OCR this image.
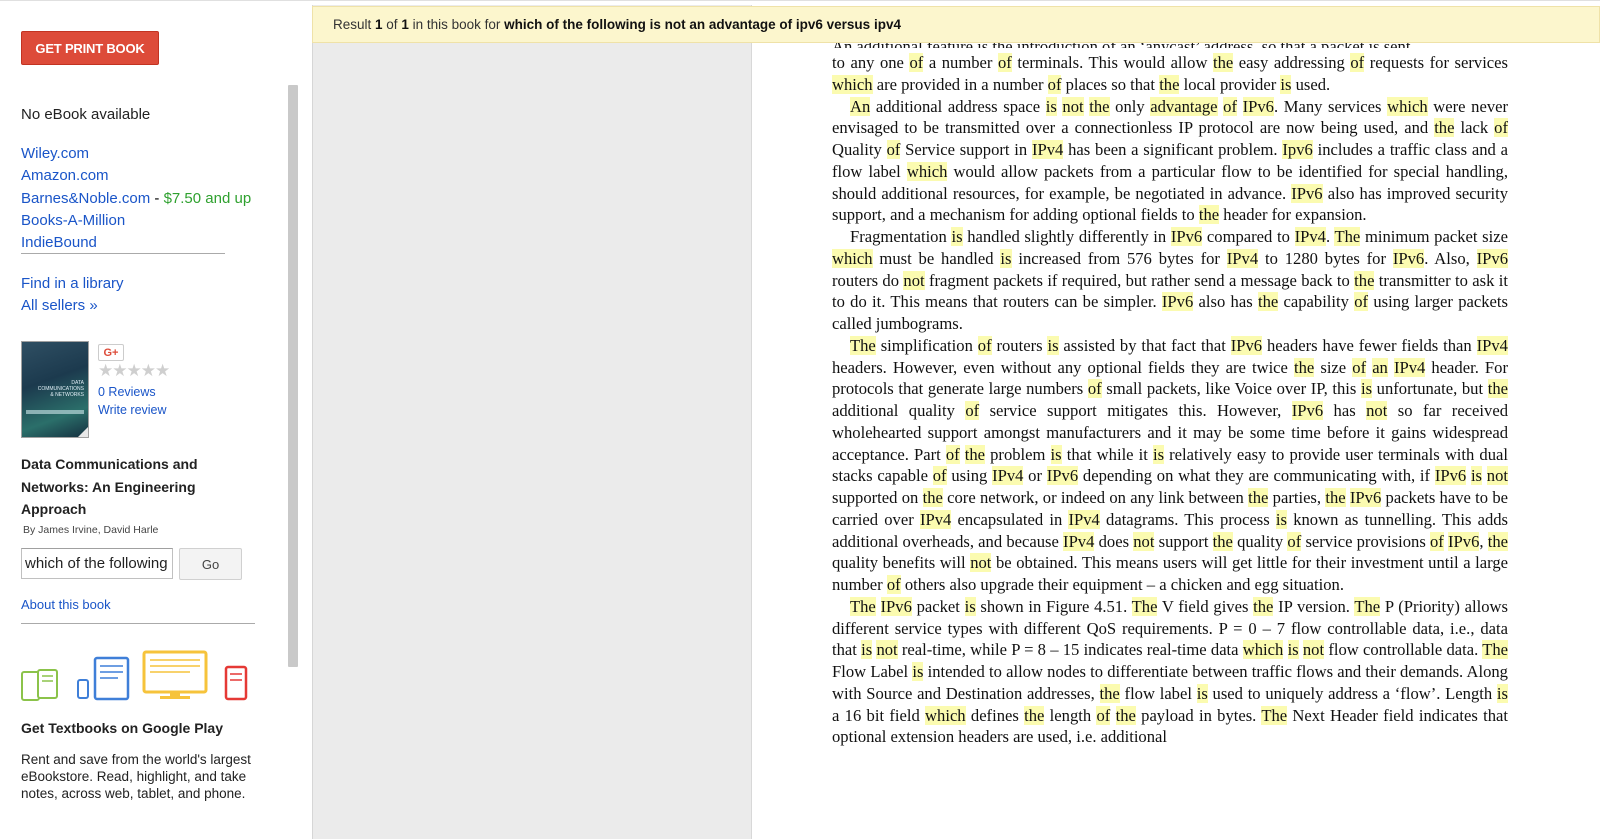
GET PRINT BOOK
No eBook available
Wiley.com
Amazon.com
Barnes&Noble.com - $7.50 and up
Books-A-Million
IndieBound
Find in a library
All sellers »
DATA COMMUNICATIONS & NETWORKS
G+
★★★★★
0 Reviews
Write review
Data Communications and Networks: An Engineering Approach
By James Irvine, David Harle
which of the following is not an advantage of ipv6 versus ipv4
Go
About this book
Get Textbooks on Google Play
Rent and save from the world's largest eBookstore. Read, highlight, and take notes, across web, tablet, and phone.

to any one of a number of terminals. This would allow the easy addressing of requests for services which are provided in a number of places so that the local provider is used.

An additional address space is not the only advantage of IPv6. Many services which were never envisaged to be transmitted over a connectionless IP protocol are now being used, and the lack of Quality of Service support in IPv4 has been a significant problem. Ipv6 includes a traffic class and a flow label which would allow packets from a particular flow to be identified for special handling, should additional resources, for example, be negotiated in advance. IPv6 also has improved security support, and a mechanism for adding optional fields to the header for expansion.

Fragmentation is handled slightly differently in IPv6 compared to IPv4. The minimum packet size which must be handled is increased from 576 bytes for IPv4 to 1280 bytes for IPv6. Also, IPv6 routers do not fragment packets if required, but rather send a message back to the transmitter to ask it to do it. This means that routers can be simpler. IPv6 also has the capability of using larger packets called jumbograms.

The simplification of routers is assisted by that fact that IPv6 headers have fewer fields than IPv4 headers. However, even without any optional fields they are twice the size of an IPv4 header. For protocols that generate large numbers of small packets, like Voice over IP, this is unfortunate, but the additional quality of service support mitigates this. However, IPv6 has not so far received wholehearted support amongst manufacturers and it may be some time before it gains widespread acceptance. Part of the problem is that while it is relatively easy to provide user terminals with dual stacks capable of using IPv4 or IPv6 depending on what they are communicating with, if IPv6 is not supported on the core network, or indeed on any link between the parties, the IPv6 packets have to be carried over IPv4 encapsulated in IPv4 datagrams. This process is known as tunnelling. This adds additional overheads, and because IPv4 does not support the quality of service provisions of IPv6, the quality benefits will not be obtained. This means users will get little for their investment until a large number of others also upgrade their equipment – a chicken and egg situation.

The IPv6 packet is shown in Figure 4.51. The V field gives the IP version. The P (Priority) allows different service types with different QoS requirements. P = 0 – 7 flow controllable data, i.e., data that is not real-time, while P = 8 – 15 indicates real-time data which is not flow controllable data. The Flow Label is intended to allow nodes to differentiate between traffic flows and their demands. Along with Source and Destination addresses, the flow label is used to uniquely address a ‘flow’. Length is a 16 bit field which defines the length of the payload in bytes. The Next Header field indicates that optional extension headers are used, i.e. additional

Result 1 of 1 in this book for which of the following is not an advantage of ipv6 versus ipv4
